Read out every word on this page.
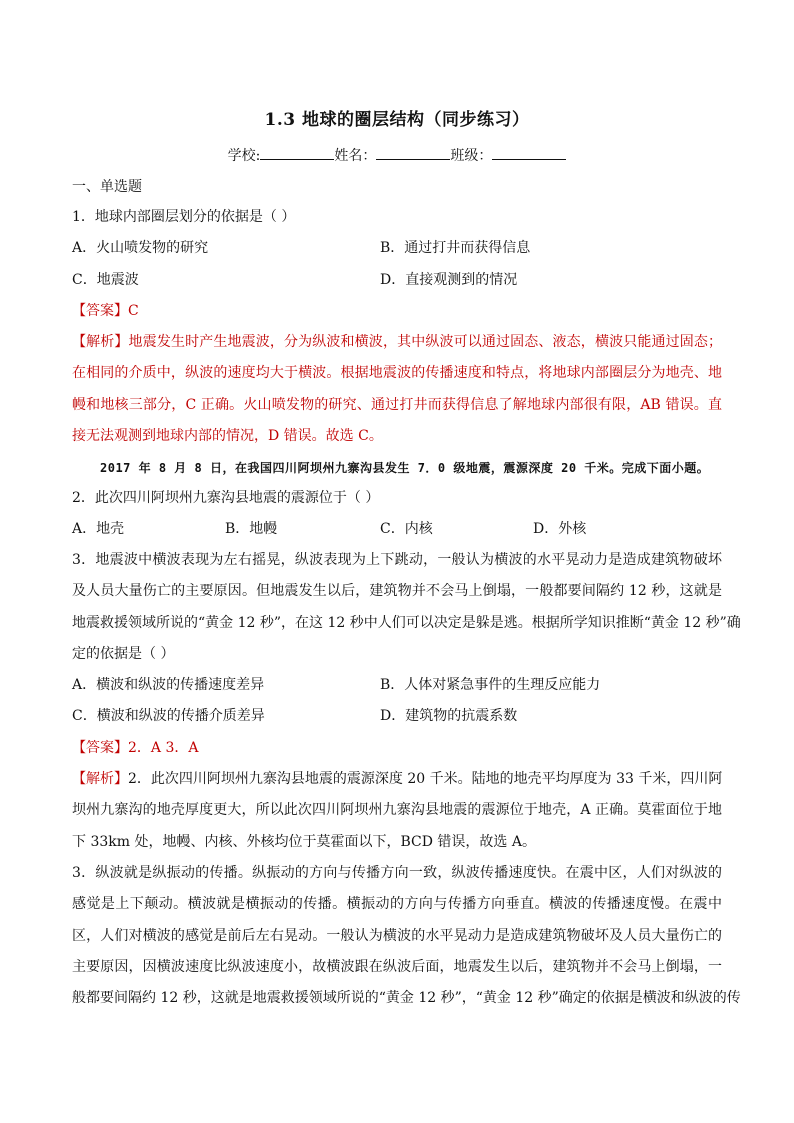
1.3 地球的圈层结构（同步练习）
学校:	姓名：	班级：
一、单选题
1．地球内部圈层划分的依据是（ ）
A．火山喷发物的研究	B．通过打井而获得信息
C．地震波	D．直接观测到的情况
【答案】C
【解析】地震发生时产生地震波，分为纵波和横波，其中纵波可以通过固态、液态，横波只能通过固态；
在相同的介质中，纵波的速度均大于横波。根据地震波的传播速度和特点，将地球内部圈层分为地壳、地
幔和地核三部分，C 正确。火山喷发物的研究、通过打井而获得信息了解地球内部很有限，AB 错误。直
接无法观测到地球内部的情况，D 错误。故选 C。
2017 年 8 月 8 日，在我国四川阿坝州九寨沟县发生 7．0 级地震，震源深度 20 千米。完成下面小题。
2．此次四川阿坝州九寨沟县地震的震源位于（ ）
A．地壳	B．地幔	C．内核	D．外核
3．地震波中横波表现为左右摇晃，纵波表现为上下跳动，一般认为横波的水平晃动力是造成建筑物破坏
及人员大量伤亡的主要原因。但地震发生以后，建筑物并不会马上倒塌，一般都要间隔约 12 秒，这就是
地震救援领域所说的“黄金 12 秒”，在这 12 秒中人们可以决定是躲是逃。根据所学知识推断“黄金 12 秒”确
定的依据是（ ）
A．横波和纵波的传播速度差异	B．人体对紧急事件的生理反应能力
C．横波和纵波的传播介质差异	D．建筑物的抗震系数
【答案】2．A 3．A
【解析】2．此次四川阿坝州九寨沟县地震的震源深度 20 千米。陆地的地壳平均厚度为 33 千米，四川阿
坝州九寨沟的地壳厚度更大，所以此次四川阿坝州九寨沟县地震的震源位于地壳，A 正确。莫霍面位于地
下 33km 处，地幔、内核、外核均位于莫霍面以下，BCD 错误，故选 A。
3．纵波就是纵振动的传播。纵振动的方向与传播方向一致，纵波传播速度快。在震中区，人们对纵波的
感觉是上下颠动。横波就是横振动的传播。横振动的方向与传播方向垂直。横波的传播速度慢。在震中
区，人们对横波的感觉是前后左右晃动。一般认为横波的水平晃动力是造成建筑物破坏及人员大量伤亡的
主要原因，因横波速度比纵波速度小，故横波跟在纵波后面，地震发生以后，建筑物并不会马上倒塌，一
般都要间隔约 12 秒，这就是地震救援领域所说的“黄金 12 秒”，“黄金 12 秒”确定的依据是横波和纵波的传
